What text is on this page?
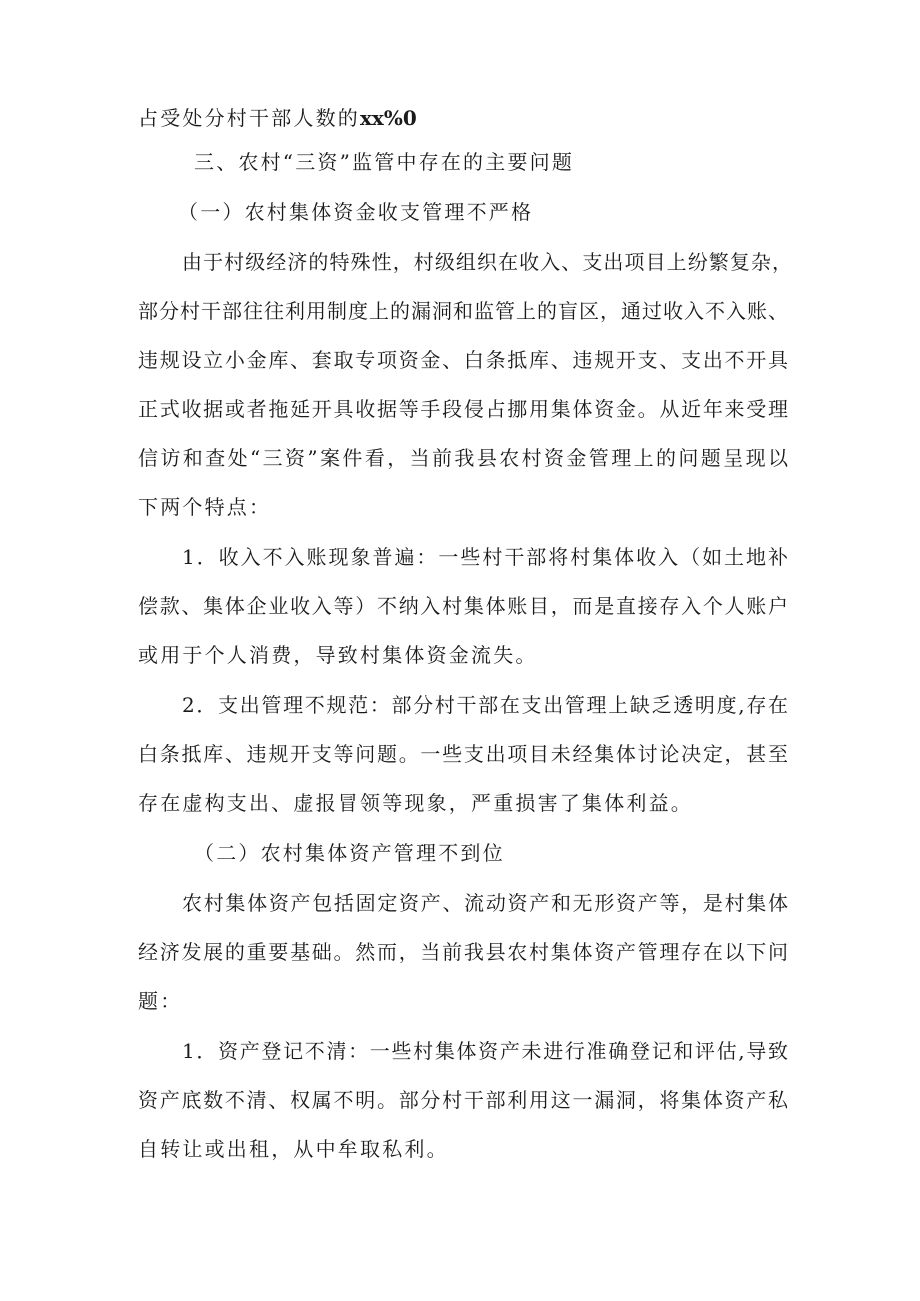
占受处分村干部人数的xx%0
三、农村“三资”监管中存在的主要问题
（一）农村集体资金收支管理不严格
由于村级经济的特殊性，村级组织在收入、支出项目上纷繁复杂，
部分村干部往往利用制度上的漏洞和监管上的盲区，通过收入不入账、
违规设立小金库、套取专项资金、白条抵库、违规开支、支出不开具
正式收据或者拖延开具收据等手段侵占挪用集体资金。从近年来受理
信访和查处“三资”案件看，当前我县农村资金管理上的问题呈现以
下两个特点：
1．收入不入账现象普遍：一些村干部将村集体收入（如土地补
偿款、集体企业收入等）不纳入村集体账目，而是直接存入个人账户
或用于个人消费，导致村集体资金流失。
2．支出管理不规范：部分村干部在支出管理上缺乏透明度,存在
白条抵库、违规开支等问题。一些支出项目未经集体讨论决定，甚至
存在虚构支出、虚报冒领等现象，严重损害了集体利益。
（二）农村集体资产管理不到位
农村集体资产包括固定资产、流动资产和无形资产等，是村集体
经济发展的重要基础。然而，当前我县农村集体资产管理存在以下问
题：
1．资产登记不清：一些村集体资产未进行准确登记和评估,导致
资产底数不清、权属不明。部分村干部利用这一漏洞，将集体资产私
自转让或出租，从中牟取私利。
